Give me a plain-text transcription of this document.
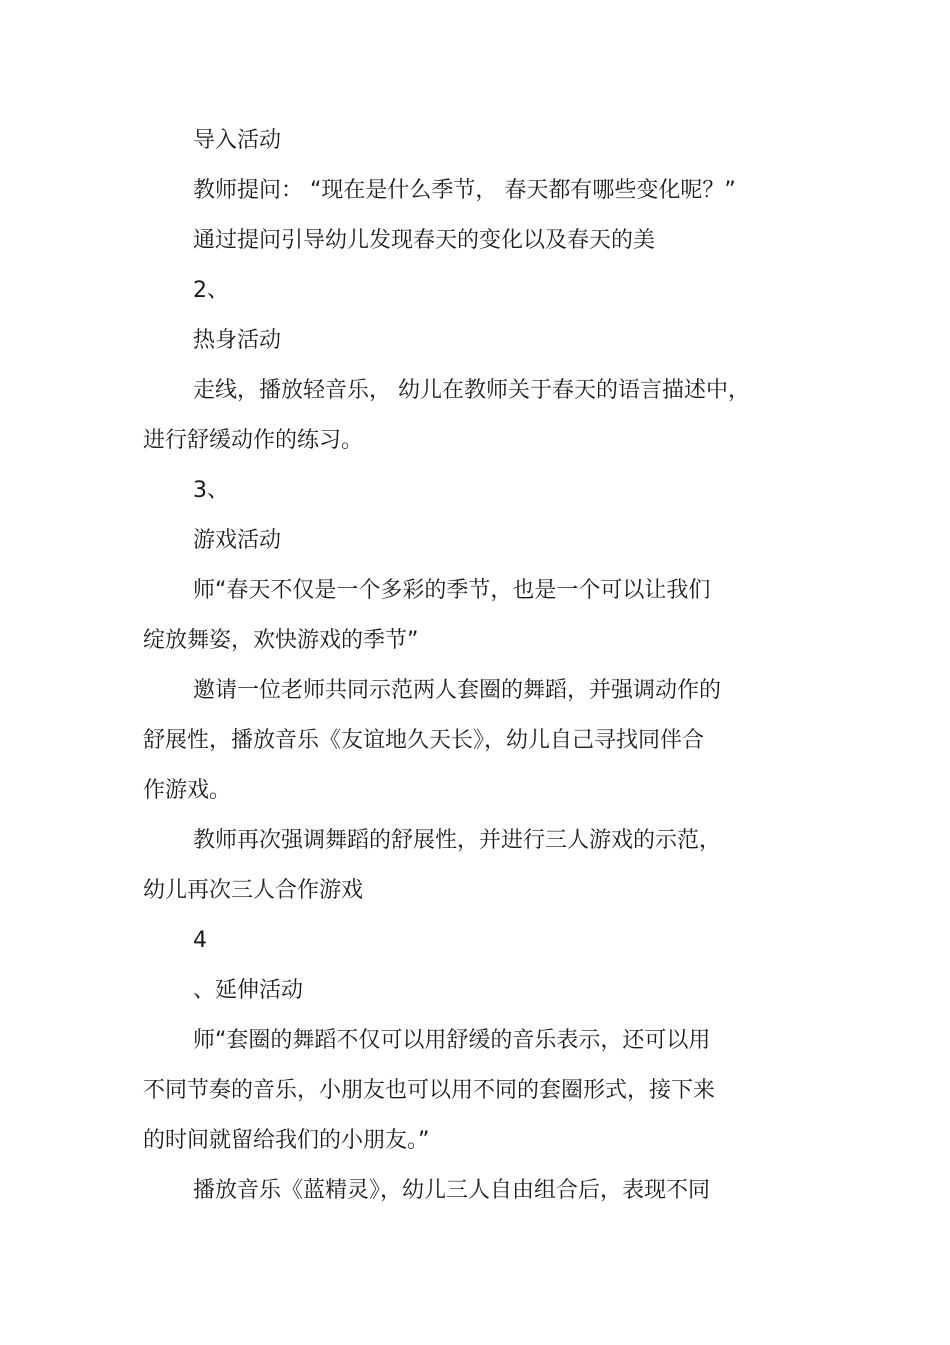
导入活动
教师提问： “现在是什么季节， 春天都有哪些变化呢？”
通过提问引导幼儿发现春天的变化以及春天的美
2、
热身活动
走线，播放轻音乐， 幼儿在教师关于春天的语言描述中，
进行舒缓动作的练习。
3、
游戏活动
师“春天不仅是一个多彩的季节，也是一个可以让我们
绽放舞姿，欢快游戏的季节”
邀请一位老师共同示范两人套圈的舞蹈，并强调动作的
舒展性，播放音乐《友谊地久天长》，幼儿自己寻找同伴合
作游戏。
教师再次强调舞蹈的舒展性，并进行三人游戏的示范，
幼儿再次三人合作游戏
4
、延伸活动
师“套圈的舞蹈不仅可以用舒缓的音乐表示，还可以用
不同节奏的音乐，小朋友也可以用不同的套圈形式，接下来
的时间就留给我们的小朋友。”
播放音乐《蓝精灵》，幼儿三人自由组合后，表现不同
